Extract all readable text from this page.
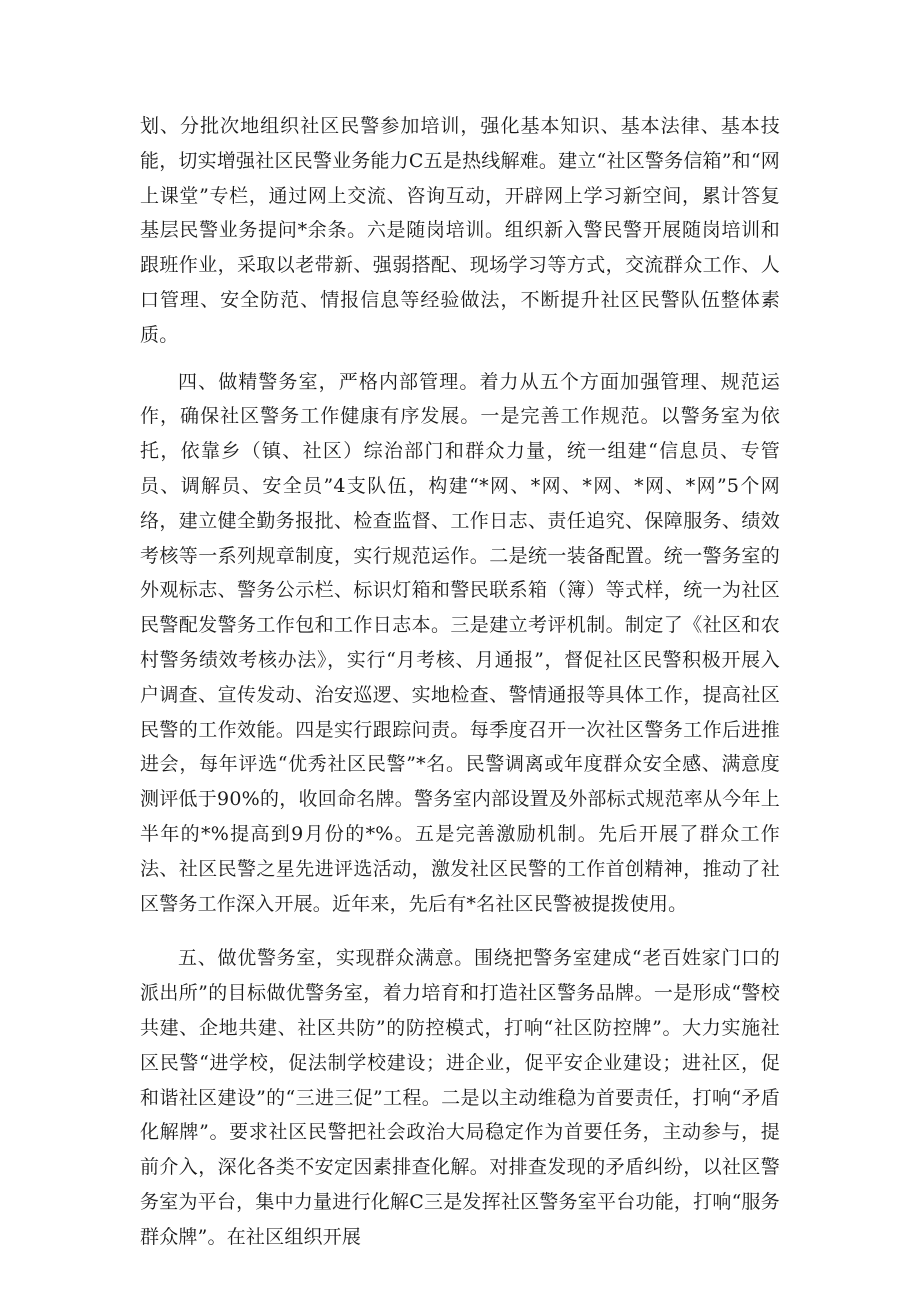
划、分批次地组织社区民警参加培训，强化基本知识、基本法律、基本技能，切实增强社区民警业务能力C五是热线解难。建立“社区警务信箱”和“网上课堂”专栏，通过网上交流、咨询互动，开辟网上学习新空间，累计答复基层民警业务提问*余条。六是随岗培训。组织新入警民警开展随岗培训和跟班作业，采取以老带新、强弱搭配、现场学习等方式，交流群众工作、人口管理、安全防范、情报信息等经验做法，不断提升社区民警队伍整体素质。

四、做精警务室，严格内部管理。着力从五个方面加强管理、规范运作，确保社区警务工作健康有序发展。一是完善工作规范。以警务室为依托，依靠乡（镇、社区）综治部门和群众力量，统一组建“信息员、专管员、调解员、安全员”4支队伍，构建“*网、*网、*网、*网、*网”5个网络，建立健全勤务报批、检查监督、工作日志、责任追究、保障服务、绩效考核等一系列规章制度，实行规范运作。二是统一装备配置。统一警务室的外观标志、警务公示栏、标识灯箱和警民联系箱（簿）等式样，统一为社区民警配发警务工作包和工作日志本。三是建立考评机制。制定了《社区和农村警务绩效考核办法》，实行“月考核、月通报”，督促社区民警积极开展入户调查、宣传发动、治安巡逻、实地检查、警情通报等具体工作，提高社区民警的工作效能。四是实行跟踪问责。每季度召开一次社区警务工作后进推进会，每年评选“优秀社区民警”*名。民警调离或年度群众安全感、满意度测评低于90%的，收回命名牌。警务室内部设置及外部标式规范率从今年上半年的*%提高到9月份的*%。五是完善激励机制。先后开展了群众工作法、社区民警之星先进评选活动，激发社区民警的工作首创精神，推动了社区警务工作深入开展。近年来，先后有*名社区民警被提拨使用。

五、做优警务室，实现群众满意。围绕把警务室建成“老百姓家门口的派出所”的目标做优警务室，着力培育和打造社区警务品牌。一是形成“警校共建、企地共建、社区共防”的防控模式，打响“社区防控牌”。大力实施社区民警“进学校，促法制学校建设；进企业，促平安企业建设；进社区，促和谐社区建设”的“三进三促”工程。二是以主动维稳为首要责任，打响“矛盾化解牌”。要求社区民警把社会政治大局稳定作为首要任务，主动参与，提前介入，深化各类不安定因素排查化解。对排查发现的矛盾纠纷，以社区警务室为平台，集中力量进行化解C三是发挥社区警务室平台功能，打响“服务群众牌”。在社区组织开展
